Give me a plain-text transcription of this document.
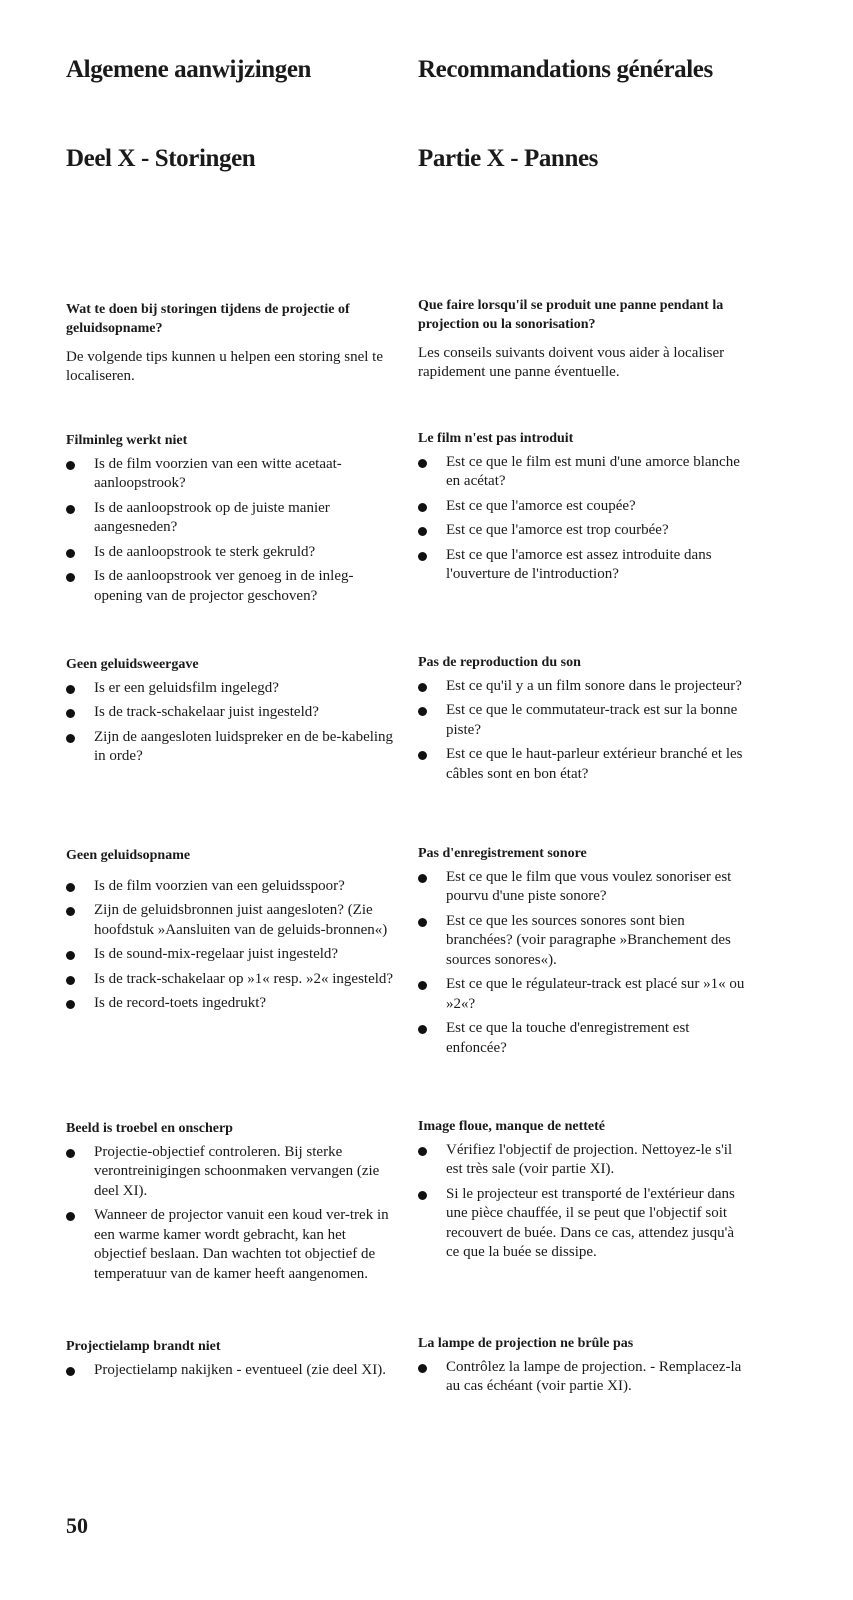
Algemene aanwijzingen	Recommandations générales
Deel X - Storingen	Partie X - Pannes

Wat te doen bij storingen tijdens de projectie of geluidsopname?

De volgende tips kunnen u helpen een storing snel te localiseren.

Que faire lorsqu'il se produit une panne pendant la projection ou la sonorisation?

Les conseils suivants doivent vous aider à localiser rapidement une panne éventuelle.

Filminleg werkt niet
Is de film voorzien van een witte acetaat-aanloopstrook?
Is de aanloopstrook op de juiste manier aangesneden?
Is de aanloopstrook te sterk gekruld?
Is de aanloopstrook ver genoeg in de inleg-opening van de projector geschoven?
Le film n'est pas introduit
Est ce que le film est muni d'une amorce blanche en acétat?
Est ce que l'amorce est coupée?
Est ce que l'amorce est trop courbée?
Est ce que l'amorce est assez introduite dans l'ouverture de l'introduction?
Geen geluidsweergave
Is er een geluidsfilm ingelegd?
Is de track-schakelaar juist ingesteld?
Zijn de aangesloten luidspreker en de be-kabeling in orde?
Pas de reproduction du son
Est ce qu'il y a un film sonore dans le projecteur?
Est ce que le commutateur-track est sur la bonne piste?
Est ce que le haut-parleur extérieur branché et les câbles sont en bon état?
Geen geluidsopname
Is de film voorzien van een geluidsspoor?
Zijn de geluidsbronnen juist aangesloten? (Zie hoofdstuk »Aansluiten van de geluids-bronnen«)
Is de sound-mix-regelaar juist ingesteld?
Is de track-schakelaar op »1« resp. »2« ingesteld?
Is de record-toets ingedrukt?
Pas d'enregistrement sonore
Est ce que le film que vous voulez sonoriser est pourvu d'une piste sonore?
Est ce que les sources sonores sont bien branchées? (voir paragraphe »Branchement des sources sonores«).
Est ce que le régulateur-track est placé sur »1« ou »2«?
Est ce que la touche d'enregistrement est enfoncée?
Beeld is troebel en onscherp
Projectie-objectief controleren. Bij sterke verontreinigingen schoonmaken vervangen (zie deel XI).
Wanneer de projector vanuit een koud ver-trek in een warme kamer wordt gebracht, kan het objectief beslaan. Dan wachten tot objectief de temperatuur van de kamer heeft aangenomen.
Image floue, manque de netteté
Vérifiez l'objectif de projection. Nettoyez-le s'il est très sale (voir partie XI).
Si le projecteur est transporté de l'extérieur dans une pièce chauffée, il se peut que l'objectif soit recouvert de buée. Dans ce cas, attendez jusqu'à ce que la buée se dissipe.
Projectielamp brandt niet
Projectielamp nakijken - eventueel (zie deel XI).
La lampe de projection ne brûle pas
Contrôlez la lampe de projection. - Remplacez-la au cas échéant (voir partie XI).

50
